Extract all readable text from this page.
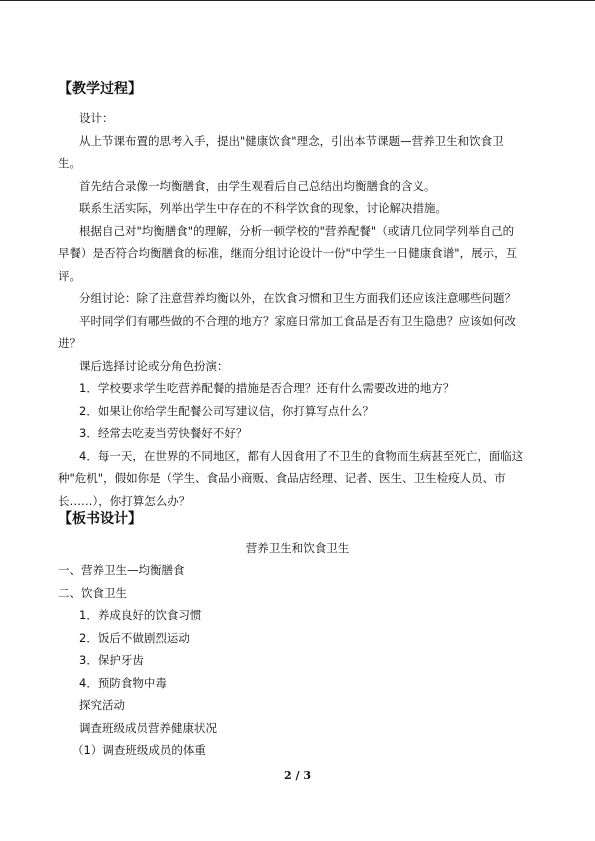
【教学过程】
设计：
从上节课布置的思考入手，提出"健康饮食"理念，引出本节课题—营养卫生和饮食卫
生。
首先结合录像一均衡膳食，由学生观看后自己总结出均衡膳食的含义。
联系生活实际，列举出学生中存在的不科学饮食的现象，讨论解决措施。
根据自己对"均衡膳食"的理解，分析一顿学校的"营养配餐"（或请几位同学列举自己的
早餐）是否符合均衡膳食的标准，继而分组讨论设计一份"中学生一日健康食谱"，展示，互
评。
分组讨论：除了注意营养均衡以外，在饮食习惯和卫生方面我们还应该注意哪些问题？
平时同学们有哪些做的不合理的地方？家庭日常加工食品是否有卫生隐患？应该如何改
进？
课后选择讨论或分角色扮演：
1．学校要求学生吃营养配餐的措施是否合理？还有什么需要改进的地方？
2．如果让你给学生配餐公司写建议信，你打算写点什么？
3．经常去吃麦当劳快餐好不好？
4．每一天，在世界的不同地区，都有人因食用了不卫生的食物而生病甚至死亡，面临这
种"危机"，假如你是（学生、食品小商贩、食品店经理、记者、医生、卫生检疫人员、市
长……），你打算怎么办？
【板书设计】
营养卫生和饮食卫生
一、营养卫生—均衡膳食
二、饮食卫生
1．养成良好的饮食习惯
2．饭后不做剧烈运动
3．保护牙齿
4．预防食物中毒
探究活动
调查班级成员营养健康状况
（1）调查班级成员的体重
2 / 3
